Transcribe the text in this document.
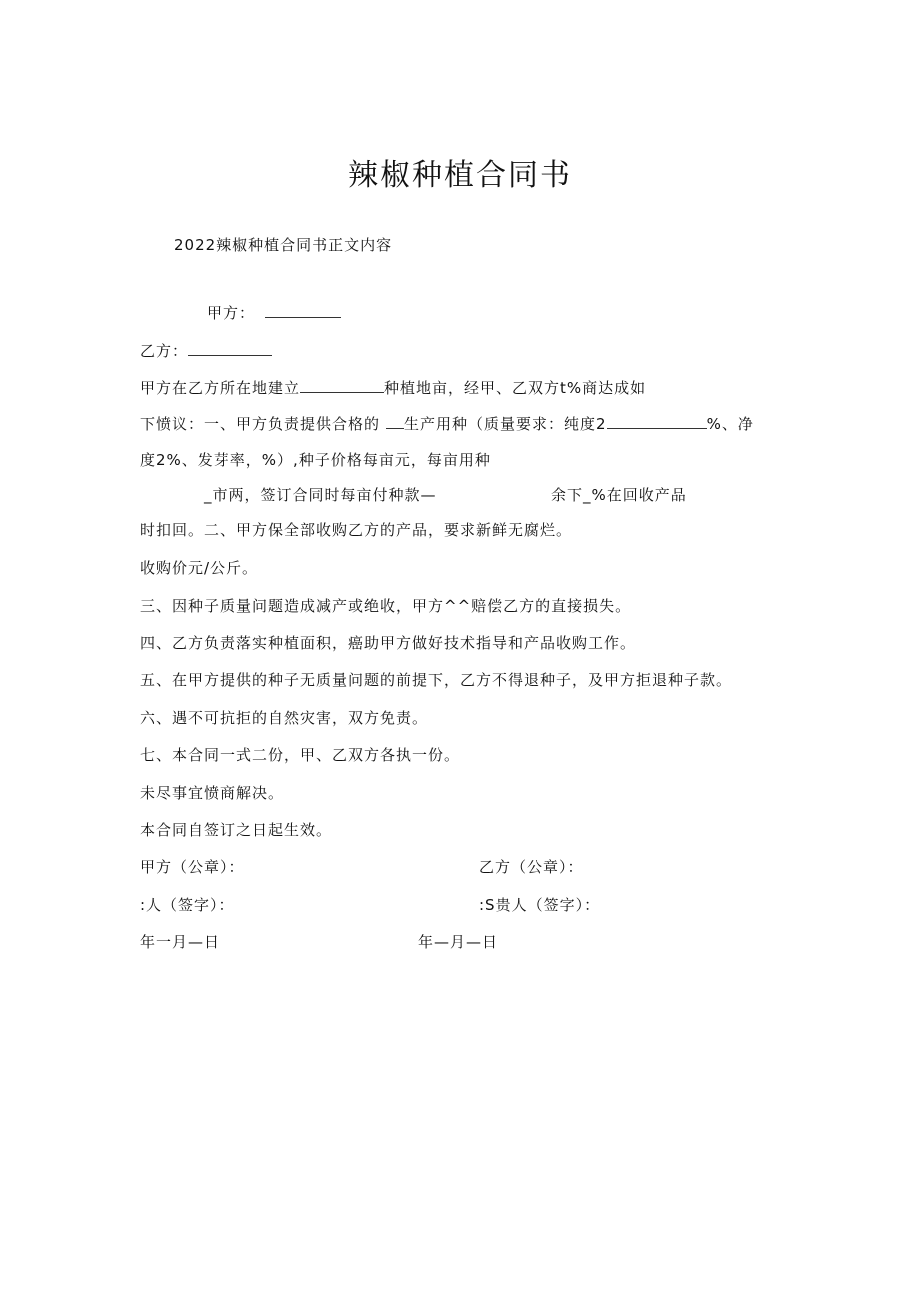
辣椒种植合同书
2022辣椒种植合同书正文内容
甲方：
乙方：
甲方在乙方所在地建立	种植地亩，经甲、乙双方t%商达成如
下愤议：一、甲方负责提供合格的 生产用种（质量要求：纯度2	%、净
度2%、发芽率，%）,种子价格每亩元，每亩用种
_市两，签订合同时每亩付种款—	余下_%在回收产品
时扣回。二、甲方保全部收购乙方的产品，要求新鲜无腐烂。
收购价元/公斤。
三、因种子质量问题造成减产或绝收，甲方^^赔偿乙方的直接损失。
四、乙方负责落实种植面积，癌助甲方做好技术指导和产品收购工作。
五、在甲方提供的种子无质量问题的前提下，乙方不得退种子，及甲方拒退种子款。
六、遇不可抗拒的自然灾害，双方免责。
七、本合同一式二份，甲、乙双方各执一份。
未尽事宜愤商解决。
本合同自签订之日起生效。
甲方（公章）：	乙方（公章）：
:人（签字）：	:S贵人（签字）：
年一月—日	年—月—日
